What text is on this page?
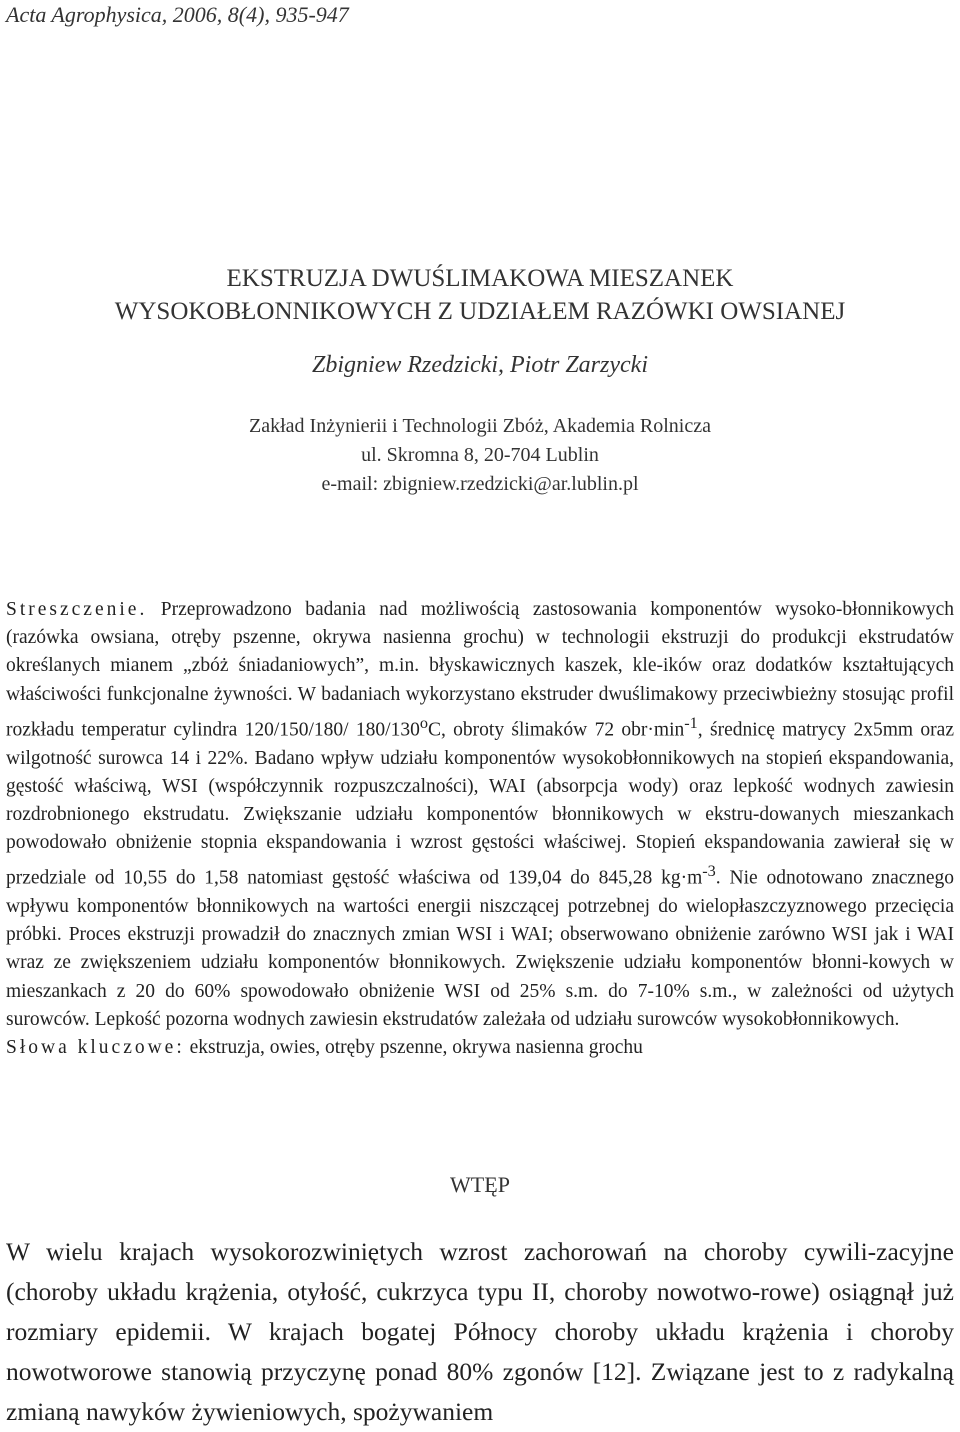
Acta Agrophysica, 2006, 8(4), 935-947
EKSTRUZJA DWUŚLIMAKOWA MIESZANEK
WYSOKOBŁONNIKOWYCH Z UDZIAŁEM RAZÓWKI OWSIANEJ
Zbigniew Rzedzicki, Piotr Zarzycki
Zakład Inżynierii i Technologii Zbóż, Akademia Rolnicza
ul. Skromna 8, 20-704 Lublin
e-mail: zbigniew.rzedzicki@ar.lublin.pl

Streszczenie. Przeprowadzono badania nad możliwością zastosowania komponentów wysoko-błonnikowych (razówka owsiana, otręby pszenne, okrywa nasienna grochu) w technologii ekstruzji do produkcji ekstrudatów określanych mianem „zbóż śniadaniowych”, m.in. błyskawicznych kaszek, kle-ików oraz dodatków kształtujących właściwości funkcjonalne żywności. W badaniach wykorzystano ekstruder dwuślimakowy przeciwbieżny stosując profil rozkładu temperatur cylindra 120/150/180/ 180/130$^o$C, obroty ślimaków 72 $obr\cdot\min^{-1}$, średnicę matrycy 2x5mm oraz wilgotność surowca 14 i 22%. Badano wpływ udziału komponentów wysokobłonnikowych na stopień ekspandowania, gęstość właściwą, WSI (współczynnik rozpuszczalności), WAI (absorpcja wody) oraz lepkość wodnych zawiesin rozdrobnionego ekstrudatu. Zwiększanie udziału komponentów błonnikowych w ekstru-dowanych mieszankach powodowało obniżenie stopnia ekspandowania i wzrost gęstości właściwej. Stopień ekspandowania zawierał się w przedziale od 10,55 do 1,58 natomiast gęstość właściwa od 139,04 do 845,28 $kg\cdot m^{-3}$. Nie odnotowano znacznego wpływu komponentów błonnikowych na wartości energii niszczącej potrzebnej do wielopłaszczyznowego przecięcia próbki. Proces ekstruzji prowadził do znacznych zmian WSI i WAI; obserwowano obniżenie zarówno WSI jak i WAI wraz ze zwiększeniem udziału komponentów błonnikowych. Zwiększenie udziału komponentów błonni-kowych w mieszankach z 20 do 60% spowodowało obniżenie WSI od 25% s.m. do 7-10% s.m., w zależności od użytych surowców. Lepkość pozorna wodnych zawiesin ekstrudatów zależała od udziału surowców wysokobłonnikowych.

Słowa kluczowe: ekstruzja, owies, otręby pszenne, okrywa nasienna grochu

WTĘP
W wielu krajach wysokorozwiniętych wzrost zachorowań na choroby cywili-zacyjne (choroby układu krążenia, otyłość, cukrzyca typu II, choroby nowotwo-rowe) osiągnął już rozmiary epidemii. W krajach bogatej Północy choroby układu krążenia i choroby nowotworowe stanowią przyczynę ponad 80% zgonów [12]. Związane jest to z radykalną zmianą nawyków żywieniowych, spożywaniem
